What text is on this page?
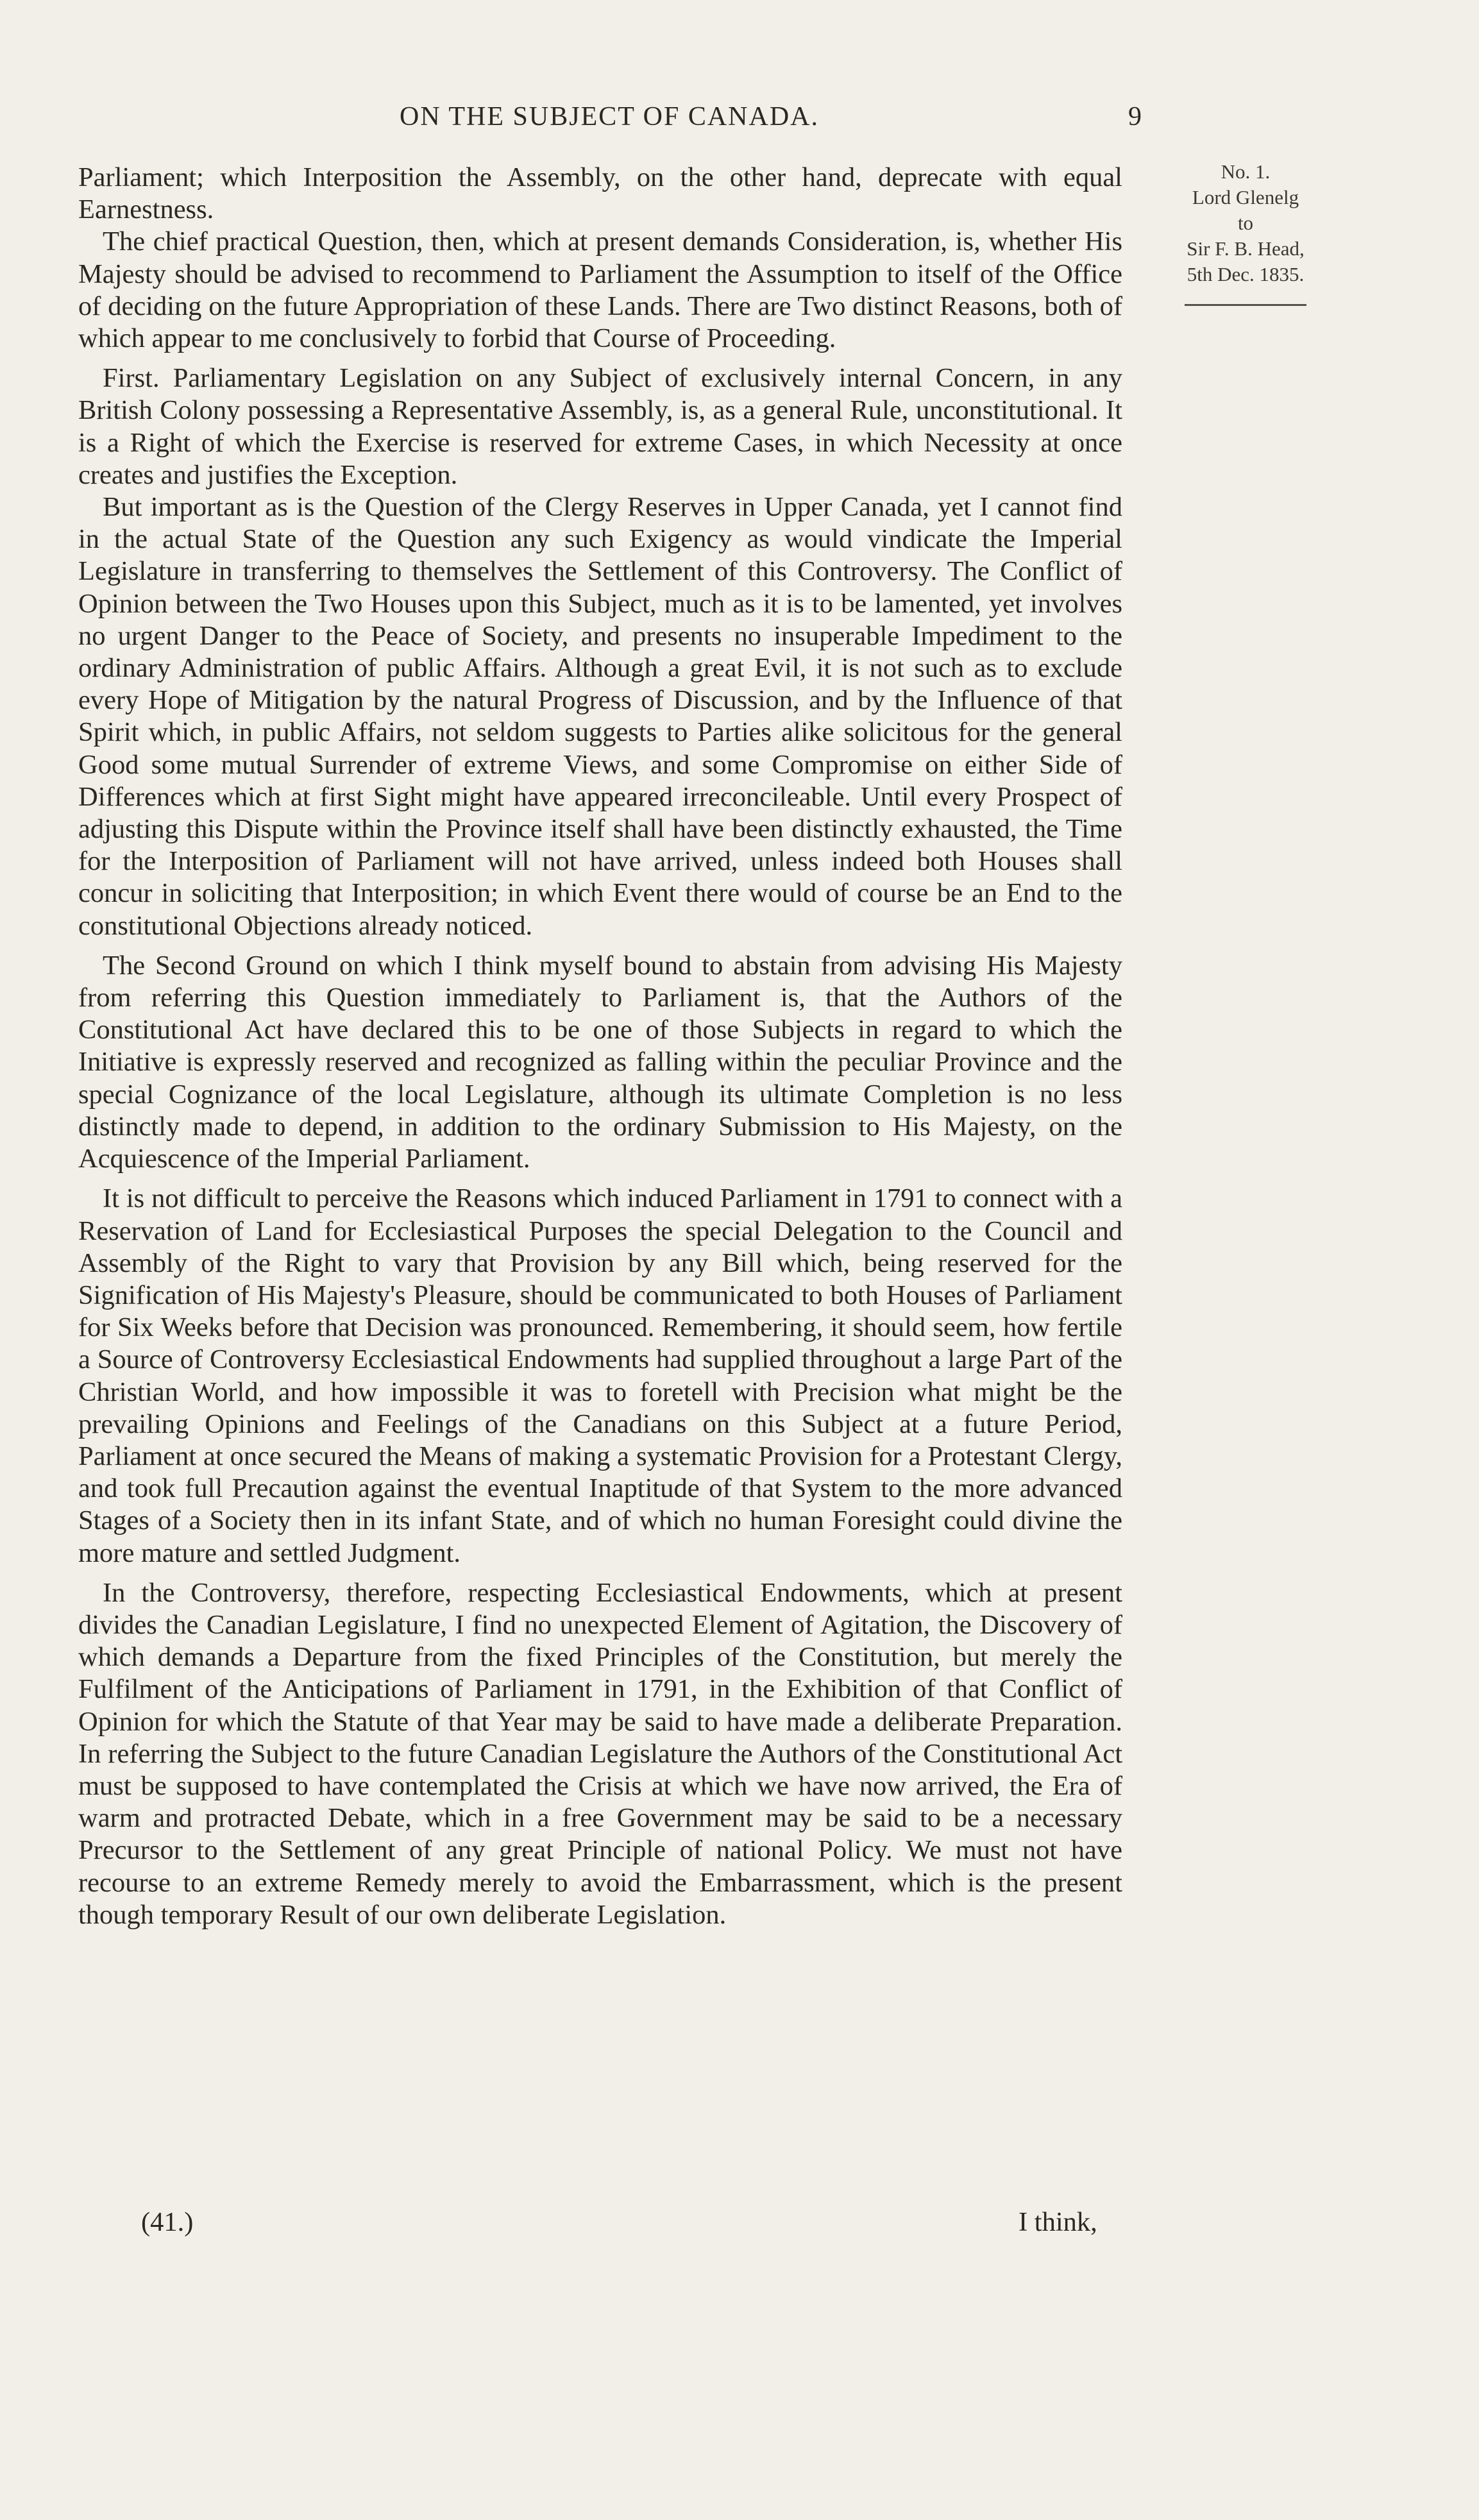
ON THE SUBJECT OF CANADA.	9
No. 1.
Lord Glenelg
to
Sir F. B. Head,
5th Dec. 1835.

Parliament; which Interposition the Assembly, on the other hand, deprecate with equal Earnestness.

The chief practical Question, then, which at present demands Consideration, is, whether His Majesty should be advised to recommend to Parliament the Assumption to itself of the Office of deciding on the future Appropriation of these Lands. There are Two distinct Reasons, both of which appear to me conclusively to forbid that Course of Proceeding.

First. Parliamentary Legislation on any Subject of exclusively internal Concern, in any British Colony possessing a Representative Assembly, is, as a general Rule, unconstitutional. It is a Right of which the Exercise is reserved for extreme Cases, in which Necessity at once creates and justifies the Exception.

But important as is the Question of the Clergy Reserves in Upper Canada, yet I cannot find in the actual State of the Question any such Exigency as would vindicate the Imperial Legislature in transferring to themselves the Settlement of this Controversy. The Conflict of Opinion between the Two Houses upon this Subject, much as it is to be lamented, yet involves no urgent Danger to the Peace of Society, and presents no insuperable Impediment to the ordinary Administration of public Affairs. Although a great Evil, it is not such as to exclude every Hope of Mitigation by the natural Progress of Discussion, and by the Influence of that Spirit which, in public Affairs, not seldom suggests to Parties alike solicitous for the general Good some mutual Surrender of extreme Views, and some Compromise on either Side of Differences which at first Sight might have appeared irreconcileable. Until every Prospect of adjusting this Dispute within the Province itself shall have been distinctly exhausted, the Time for the Interposition of Parliament will not have arrived, unless indeed both Houses shall concur in soliciting that Interposition; in which Event there would of course be an End to the constitutional Objections already noticed.

The Second Ground on which I think myself bound to abstain from advising His Majesty from referring this Question immediately to Parliament is, that the Authors of the Constitutional Act have declared this to be one of those Subjects in regard to which the Initiative is expressly reserved and recognized as falling within the peculiar Province and the special Cognizance of the local Legislature, although its ultimate Completion is no less distinctly made to depend, in addition to the ordinary Submission to His Majesty, on the Acquiescence of the Imperial Parliament.

It is not difficult to perceive the Reasons which induced Parliament in 1791 to connect with a Reservation of Land for Ecclesiastical Purposes the special Delegation to the Council and Assembly of the Right to vary that Provision by any Bill which, being reserved for the Signification of His Majesty's Pleasure, should be communicated to both Houses of Parliament for Six Weeks before that Decision was pronounced. Remembering, it should seem, how fertile a Source of Controversy Ecclesiastical Endowments had supplied throughout a large Part of the Christian World, and how impossible it was to foretell with Precision what might be the prevailing Opinions and Feelings of the Canadians on this Subject at a future Period, Parliament at once secured the Means of making a systematic Provision for a Protestant Clergy, and took full Precaution against the eventual Inaptitude of that System to the more advanced Stages of a Society then in its infant State, and of which no human Foresight could divine the more mature and settled Judgment.

In the Controversy, therefore, respecting Ecclesiastical Endowments, which at present divides the Canadian Legislature, I find no unexpected Element of Agitation, the Discovery of which demands a Departure from the fixed Principles of the Constitution, but merely the Fulfilment of the Anticipations of Parliament in 1791, in the Exhibition of that Conflict of Opinion for which the Statute of that Year may be said to have made a deliberate Preparation. In referring the Subject to the future Canadian Legislature the Authors of the Constitutional Act must be supposed to have contemplated the Crisis at which we have now arrived, the Era of warm and protracted Debate, which in a free Government may be said to be a necessary Precursor to the Settlement of any great Principle of national Policy. We must not have recourse to an extreme Remedy merely to avoid the Embarrassment, which is the present though temporary Result of our own deliberate Legislation.

(41.)	I think,
